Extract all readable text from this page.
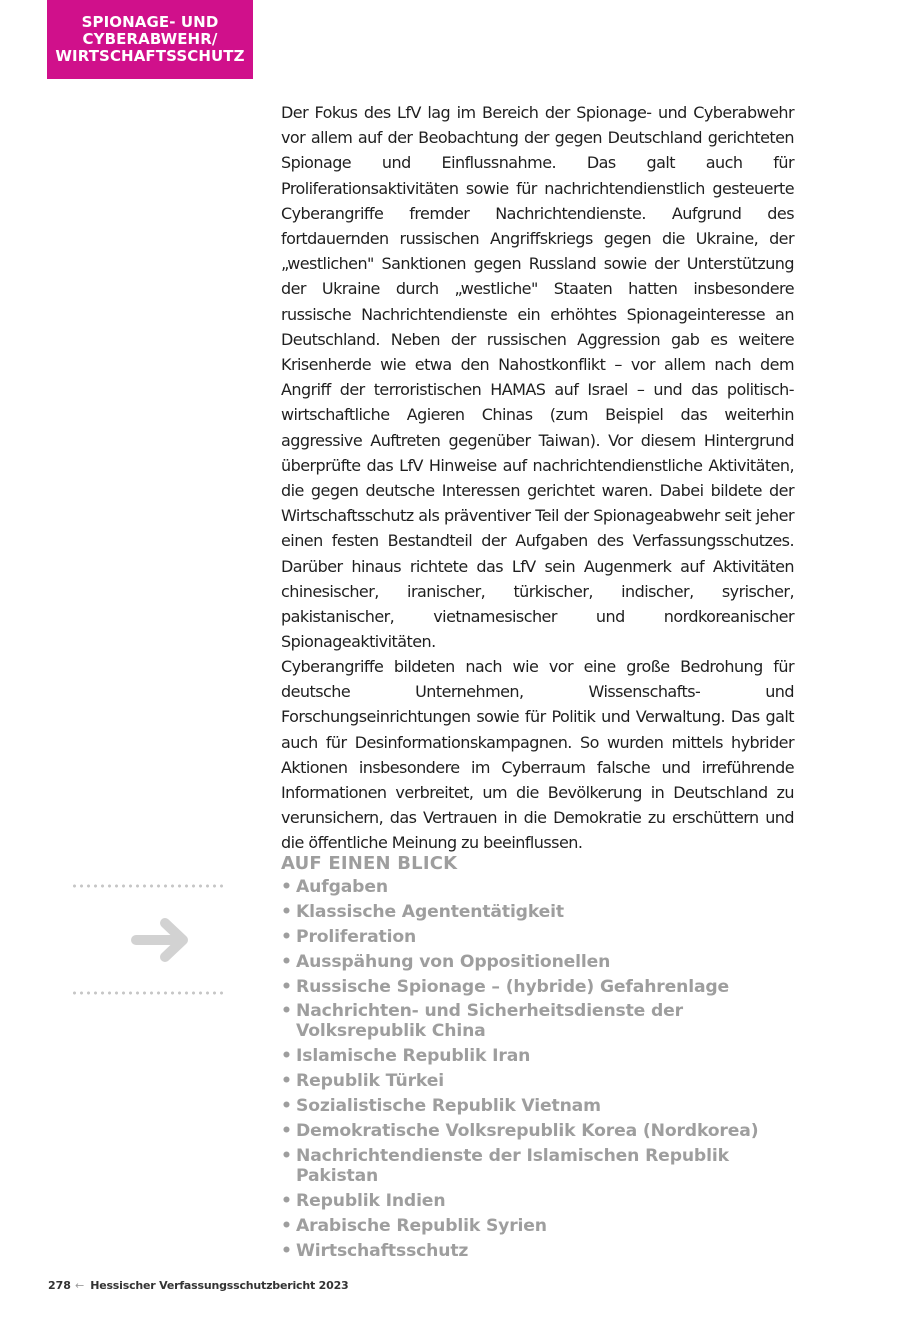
SPIONAGE- UND
CYBERABWEHR/
WIRTSCHAFTSSCHUTZ

Der Fokus des LfV lag im Bereich der Spionage- und Cyberabwehr vor allem auf der Beobachtung der gegen Deutschland gerichteten Spionage und Einflussnahme. Das galt auch für Proliferationsaktivitäten sowie für nachrichtendienstlich gesteuerte Cyberangriffe fremder Nachrichtendienste. Aufgrund des fortdauernden russischen Angriffskriegs gegen die Ukraine, der „westlichen" Sanktionen gegen Russland sowie der Unterstützung der Ukraine durch „westliche" Staaten hatten insbesondere russische Nachrichtendienste ein erhöhtes Spionageinteresse an Deutschland. Neben der russischen Aggression gab es weitere Krisenherde wie etwa den Nahostkonflikt – vor allem nach dem Angriff der terroristischen HAMAS auf Israel – und das politisch-wirtschaftliche Agieren Chinas (zum Beispiel das weiterhin aggressive Auftreten gegenüber Taiwan). Vor diesem Hintergrund überprüfte das LfV Hinweise auf nachrichtendienstliche Aktivitäten, die gegen deutsche Interessen gerichtet waren. Dabei bildete der Wirtschaftsschutz als präventiver Teil der Spionageabwehr seit jeher einen festen Bestandteil der Aufgaben des Verfassungsschutzes. Darüber hinaus richtete das LfV sein Augenmerk auf Aktivitäten chinesischer, iranischer, türkischer, indischer, syrischer, pakistanischer, vietnamesischer und nordkoreanischer Spionageaktivitäten.

Cyberangriffe bildeten nach wie vor eine große Bedrohung für deutsche Unternehmen, Wissenschafts- und Forschungseinrichtungen sowie für Politik und Verwaltung. Das galt auch für Desinformationskampagnen. So wurden mittels hybrider Aktionen insbesondere im Cyberraum falsche und irreführende Informationen verbreitet, um die Bevölkerung in Deutschland zu verunsichern, das Vertrauen in die Demokratie zu erschüttern und die öffentliche Meinung zu beeinflussen.

AUF EINEN BLICK
• Aufgaben
• Klassische Agententätigkeit
• Proliferation
• Ausspähung von Oppositionellen
• Russische Spionage – (hybride) Gefahrenlage
• Nachrichten- und Sicherheitsdienste der Volksrepublik China
• Islamische Republik Iran
• Republik Türkei
• Sozialistische Republik Vietnam
• Demokratische Volksrepublik Korea (Nordkorea)
• Nachrichtendienste der Islamischen Republik Pakistan
• Republik Indien
• Arabische Republik Syrien
• Wirtschaftsschutz
278 ← Hessischer Verfassungsschutzbericht 2023
